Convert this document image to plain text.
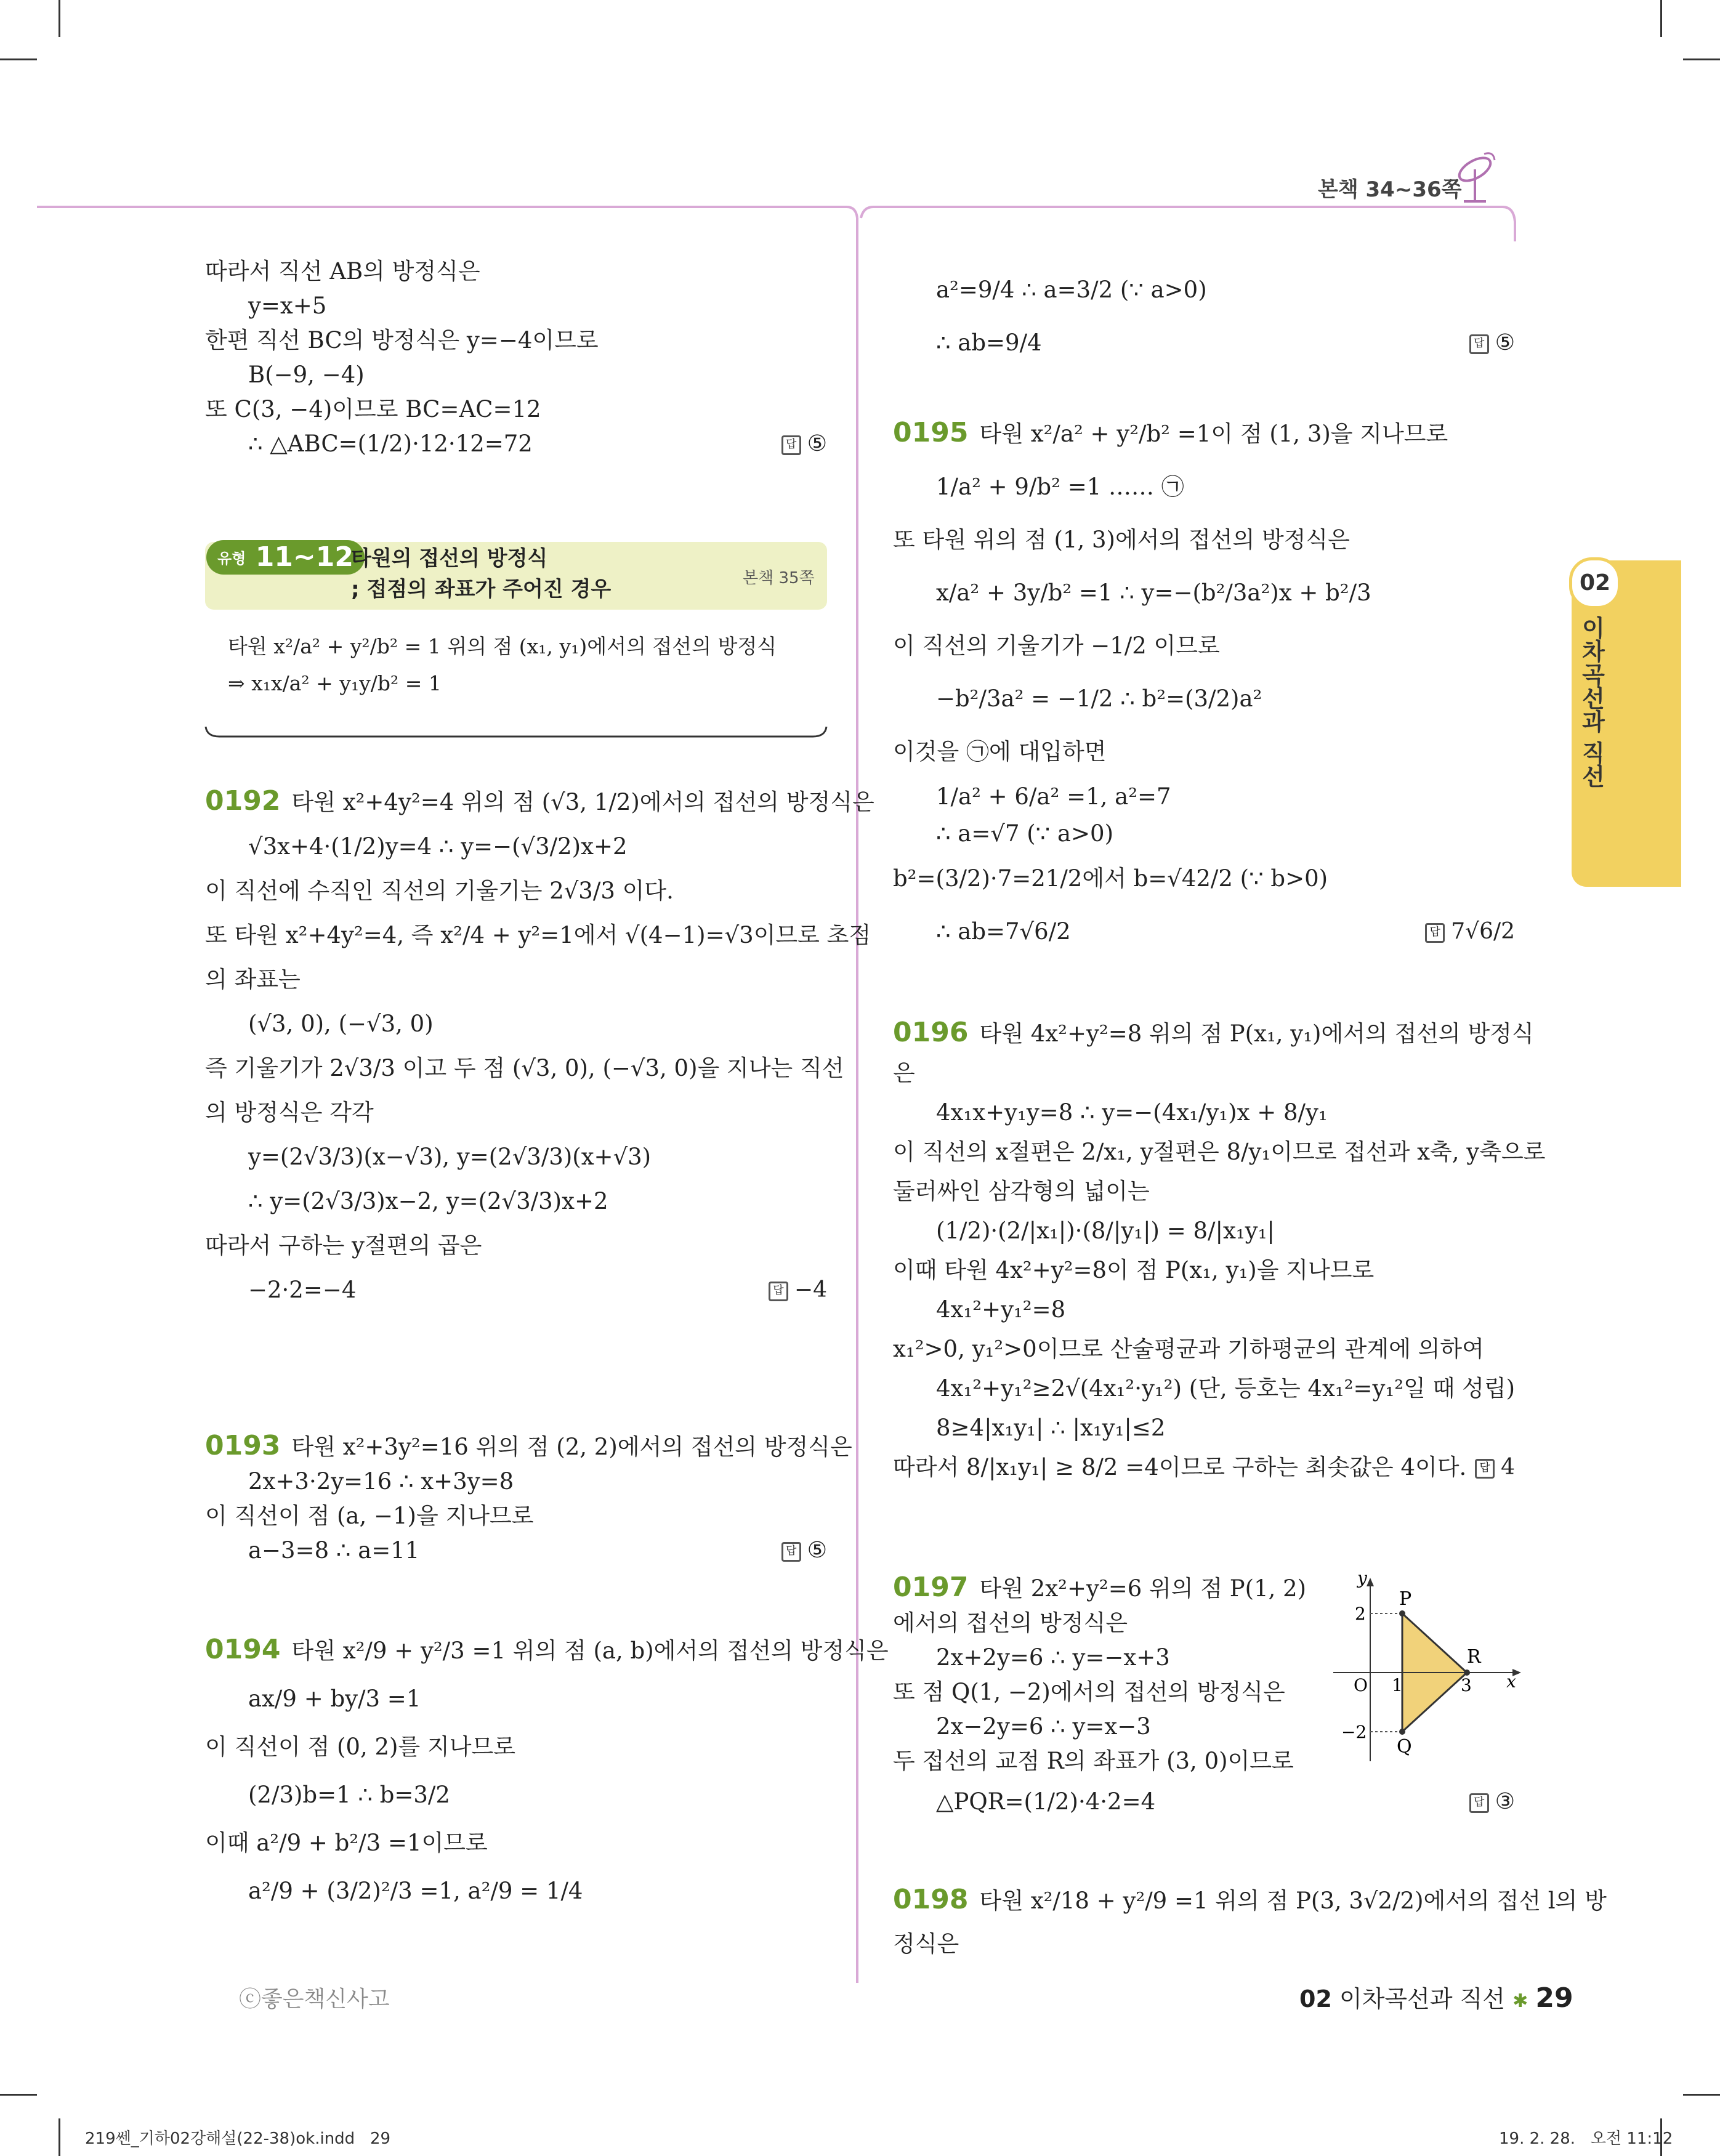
본책 34~36쪽
02
이차곡선과 직선

따라서 직선 AB의 방정식은

y=x+5

한편 직선 BC의 방정식은 y=−4이므로

B(−9, −4)

또 C(3, −4)이므로 BC=AC=12

∴ △ABC=(1/2)·12·12=72	답 ⑤
유형 11~12
타원의 접선의 방정식
; 접점의 좌표가 주어진 경우	본책 35쪽
타원 x²/a² + y²/b² = 1 위의 점 (x₁, y₁)에서의 접선의 방정식
⇒ x₁x/a² + y₁y/b² = 1

0192 타원 x²+4y²=4 위의 점 (√3, 1/2)에서의 접선의 방정식은

√3x+4·(1/2)y=4 ∴ y=−(√3/2)x+2

이 직선에 수직인 직선의 기울기는 2√3/3 이다.

또 타원 x²+4y²=4, 즉 x²/4 + y²=1에서 √(4−1)=√3이므로 초점

의 좌표는

(√3, 0), (−√3, 0)

즉 기울기가 2√3/3 이고 두 점 (√3, 0), (−√3, 0)을 지나는 직선

의 방정식은 각각

y=(2√3/3)(x−√3), y=(2√3/3)(x+√3)

∴ y=(2√3/3)x−2, y=(2√3/3)x+2

따라서 구하는 y절편의 곱은

−2·2=−4	답 −4

0193 타원 x²+3y²=16 위의 점 (2, 2)에서의 접선의 방정식은

2x+3·2y=16 ∴ x+3y=8

이 직선이 점 (a, −1)을 지나므로

a−3=8 ∴ a=11	답 ⑤

0194 타원 x²/9 + y²/3 =1 위의 점 (a, b)에서의 접선의 방정식은

ax/9 + by/3 =1

이 직선이 점 (0, 2)를 지나므로

(2/3)b=1 ∴ b=3/2

이때 a²/9 + b²/3 =1이므로

a²/9 + (3/2)²/3 =1, a²/9 = 1/4

ⓒ좋은책신사고

a²=9/4 ∴ a=3/2 (∵ a>0)

∴ ab=9/4	답 ⑤

0195 타원 x²/a² + y²/b² =1이 점 (1, 3)을 지나므로

1/a² + 9/b² =1 …… ㉠

또 타원 위의 점 (1, 3)에서의 접선의 방정식은

x/a² + 3y/b² =1 ∴ y=−(b²/3a²)x + b²/3

이 직선의 기울기가 −1/2 이므로

−b²/3a² = −1/2 ∴ b²=(3/2)a²

이것을 ㉠에 대입하면

1/a² + 6/a² =1, a²=7

∴ a=√7 (∵ a>0)

b²=(3/2)·7=21/2에서 b=√42/2 (∵ b>0)

∴ ab=7√6/2	답 7√6/2

0196 타원 4x²+y²=8 위의 점 P(x₁, y₁)에서의 접선의 방정식

은

4x₁x+y₁y=8 ∴ y=−(4x₁/y₁)x + 8/y₁

이 직선의 x절편은 2/x₁, y절편은 8/y₁이므로 접선과 x축, y축으로

둘러싸인 삼각형의 넓이는

(1/2)·(2/|x₁|)·(8/|y₁|) = 8/|x₁y₁|

이때 타원 4x²+y²=8이 점 P(x₁, y₁)을 지나므로

4x₁²+y₁²=8

x₁²>0, y₁²>0이므로 산술평균과 기하평균의 관계에 의하여

4x₁²+y₁²≥2√(4x₁²·y₁²) (단, 등호는 4x₁²=y₁²일 때 성립)

8≥4|x₁y₁| ∴ |x₁y₁|≤2

따라서 8/|x₁y₁| ≥ 8/2 =4이므로 구하는 최솟값은 4이다.	답 4

0197 타원 2x²+y²=6 위의 점 P(1, 2)

에서의 접선의 방정식은

2x+2y=6 ∴ y=−x+3

또 점 Q(1, −2)에서의 접선의 방정식은

2x−2y=6 ∴ y=x−3

두 접선의 교점 R의 좌표가 (3, 0)이므로

△PQR=(1/2)·4·2=4	답 ③
y
x
O 1	3
2
−2
P
Q
R

0198 타원 x²/18 + y²/9 =1 위의 점 P(3, 3√2/2)에서의 접선 l의 방

정식은

02 이차곡선과 직선 ✱ 29
219쎈_기하02강해설(22-38)ok.indd   29	19. 2. 28.   오전 11:12
